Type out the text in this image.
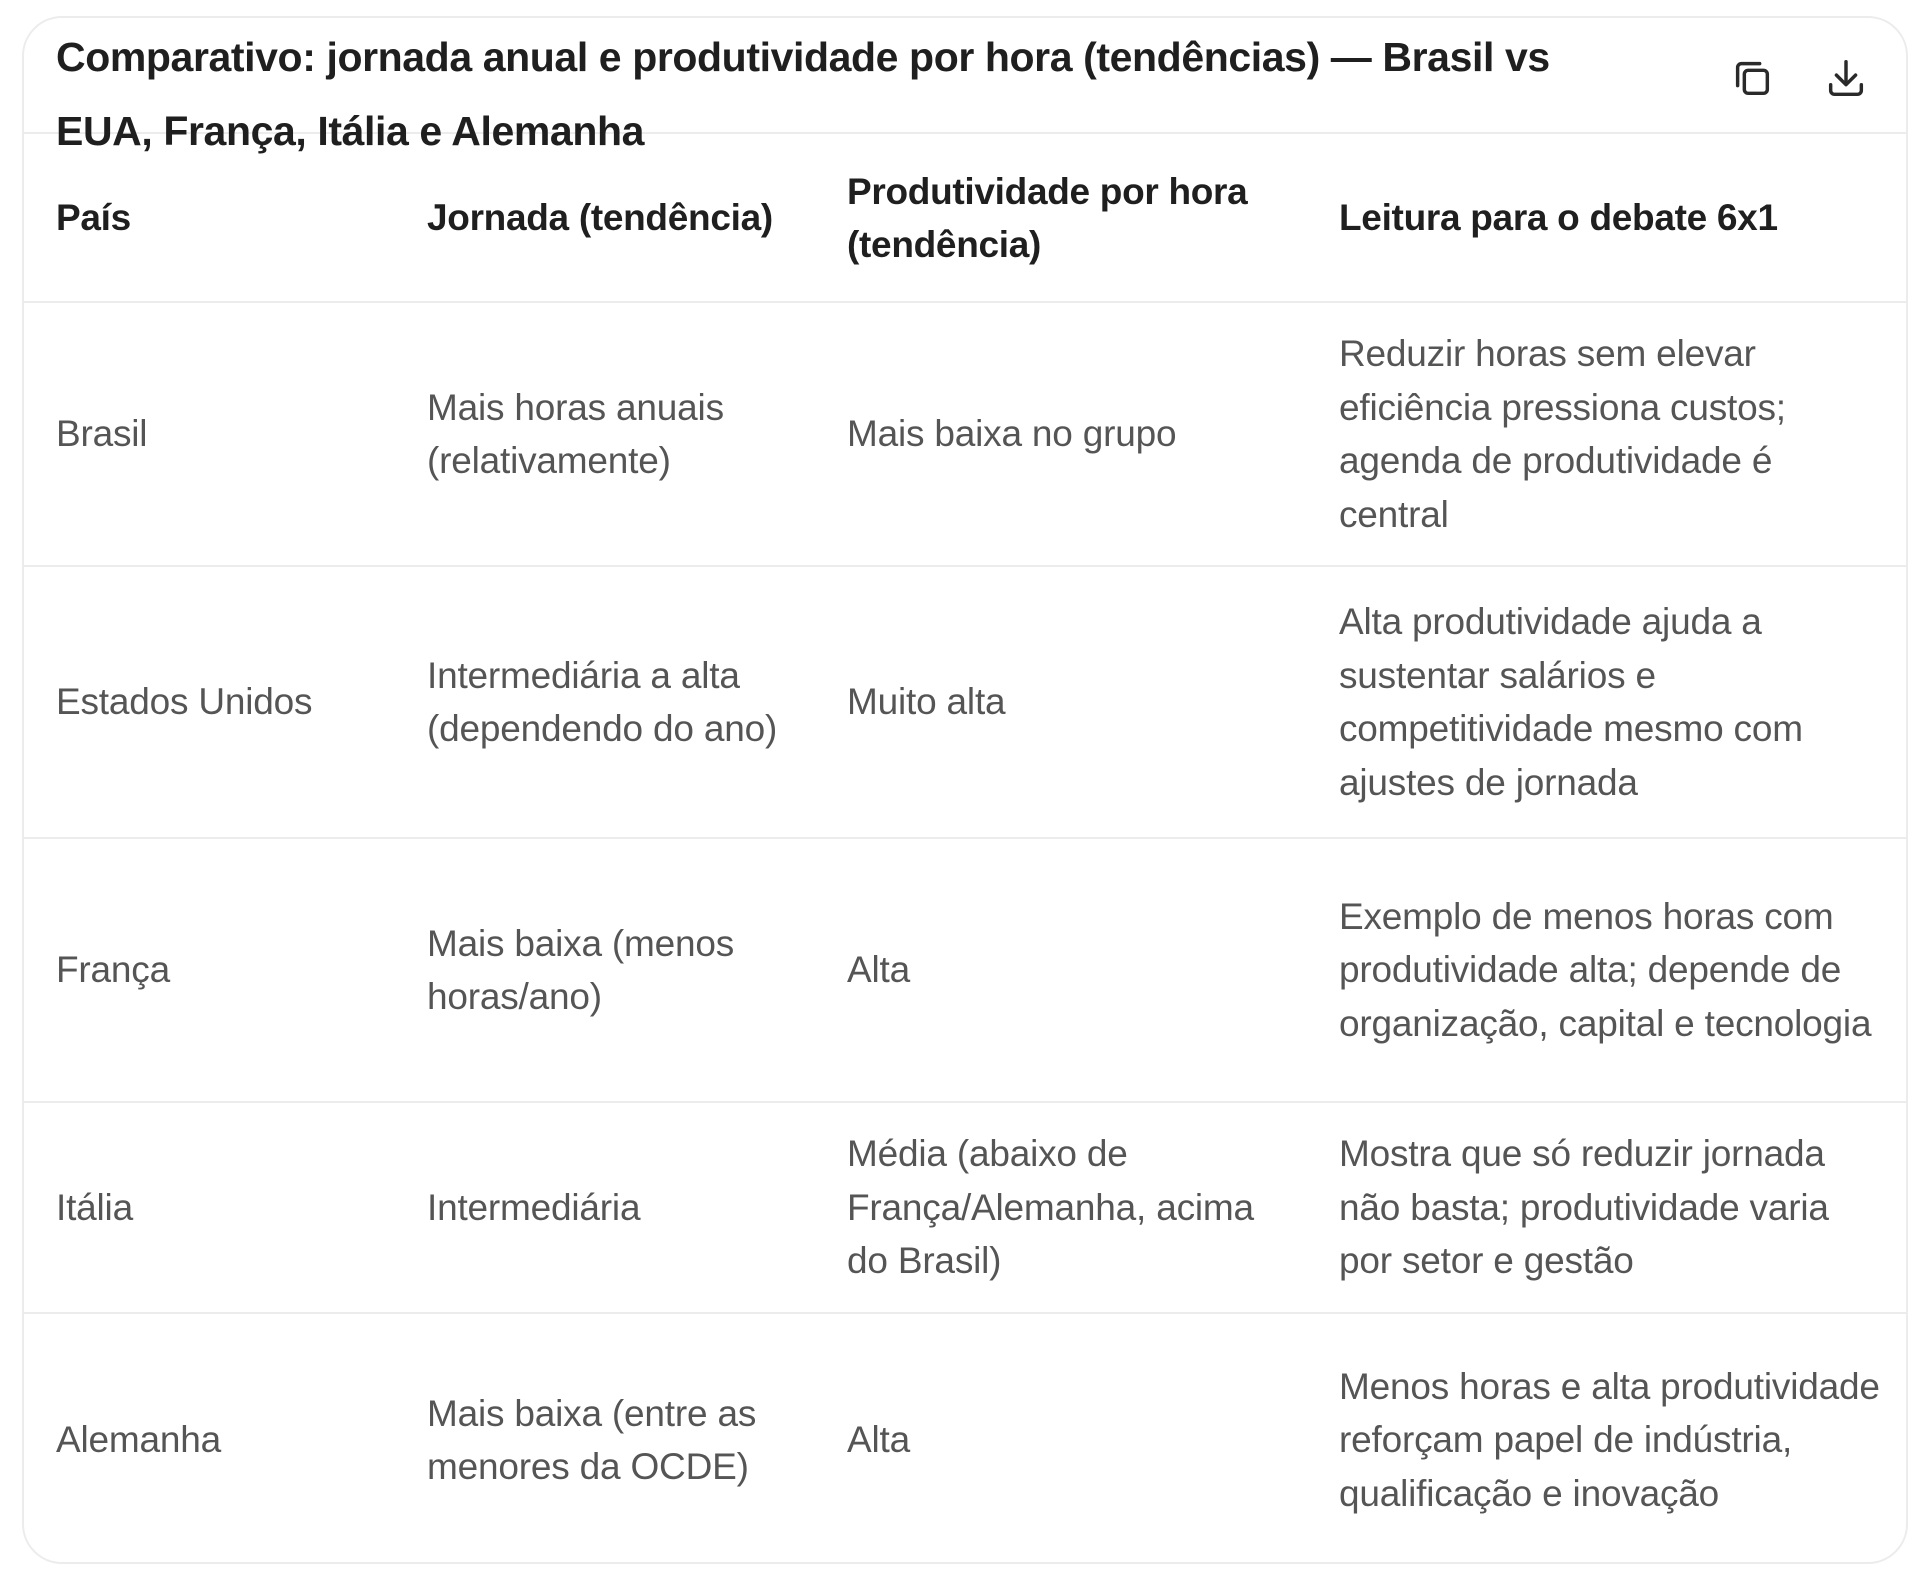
Comparativo: jornada anual e produtividade por hora (tendências) — Brasil vs EUA, França, Itália e Alemanha
País	Jornada (tendência)	Produtividade por hora (tendência)	Leitura para o debate 6x1
Brasil	Mais horas anuais (relativamente)	Mais baixa no grupo	Reduzir horas sem elevar eficiência pressiona custos; agenda de produtividade é central
Estados Unidos	Intermediária a alta (dependendo do ano)	Muito alta	Alta produtividade ajuda a sustentar salários e competitividade mesmo com ajustes de jornada
França	Mais baixa (menos horas/ano)	Alta	Exemplo de menos horas com produtividade alta; depende de organização, capital e tecnologia
Itália	Intermediária	Média (abaixo de França/Alemanha, acima do Brasil)	Mostra que só reduzir jornada não basta; produtividade varia por setor e gestão
Alemanha	Mais baixa (entre as menores da OCDE)	Alta	Menos horas e alta produtividade reforçam papel de indústria, qualificação e inovação
